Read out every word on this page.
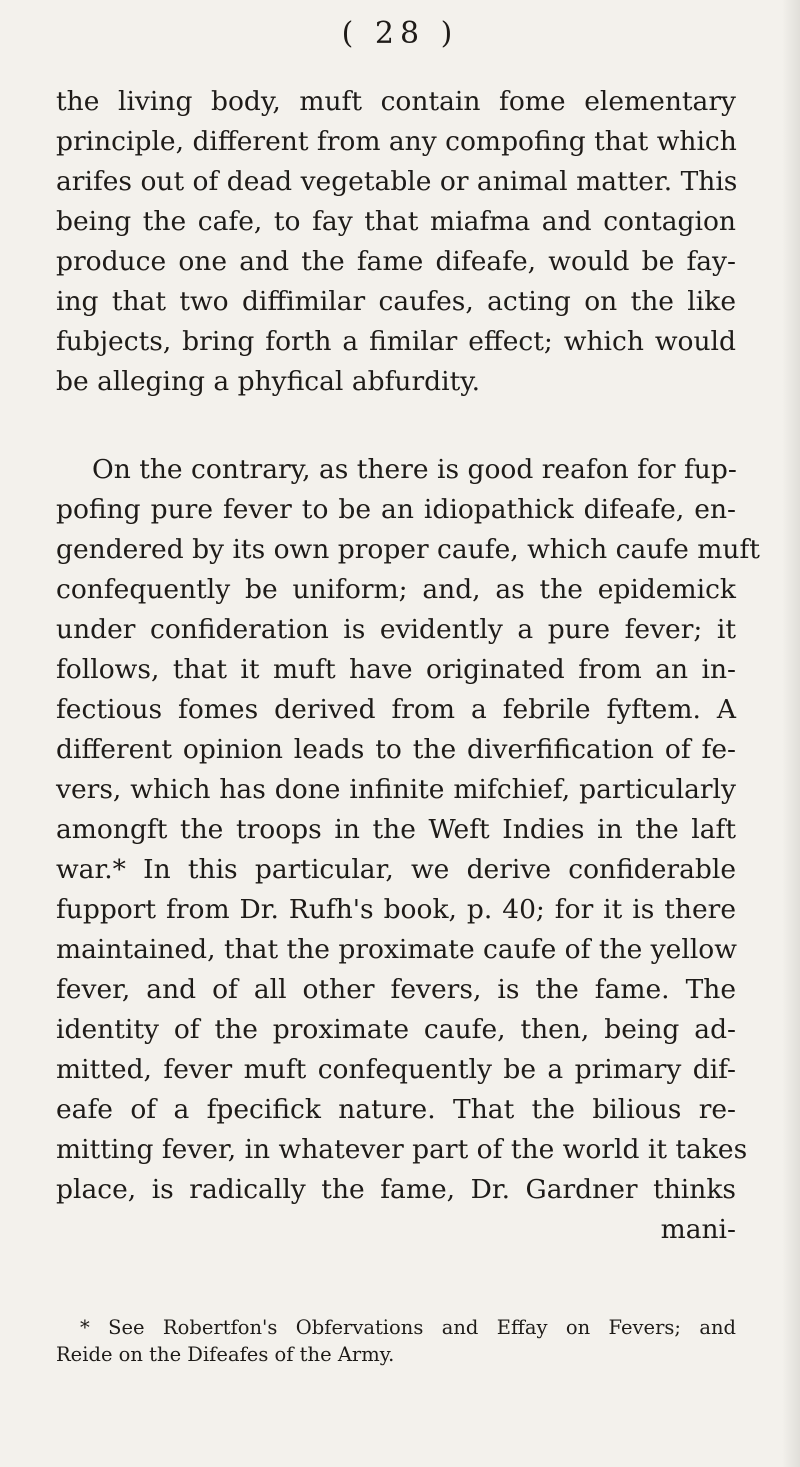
( 28 )
the living body, muft contain fome elementary
principle, different from any compofing that which
arifes out of dead vegetable or animal matter. This
being the cafe, to fay that miafma and contagion
produce one and the fame difeafe, would be fay-
ing that two diffimilar caufes, acting on the like
fubjects, bring forth a fimilar effect; which would
be alleging a phyfical abfurdity.
On the contrary, as there is good reafon for fup-
pofing pure fever to be an idiopathick difeafe, en-
gendered by its own proper caufe, which caufe muft
confequently be uniform; and, as the epidemick
under confideration is evidently a pure fever; it
follows, that it muft have originated from an in-
fectious fomes derived from a febrile fyftem. A
different opinion leads to the diverfification of fe-
vers, which has done infinite mifchief, particularly
amongft the troops in the Weft Indies in the laft
war.* In this particular, we derive confiderable
fupport from Dr. Rufh's book, p. 40; for it is there
maintained, that the proximate caufe of the yellow
fever, and of all other fevers, is the fame. The
identity of the proximate caufe, then, being ad-
mitted, fever muft confequently be a primary dif-
eafe of a fpecifick nature. That the bilious re-
mitting fever, in whatever part of the world it takes
place, is radically the fame, Dr. Gardner thinks
mani-
* See Robertfon's Obfervations and Effay on Fevers; and
Reide on the Difeafes of the Army.
